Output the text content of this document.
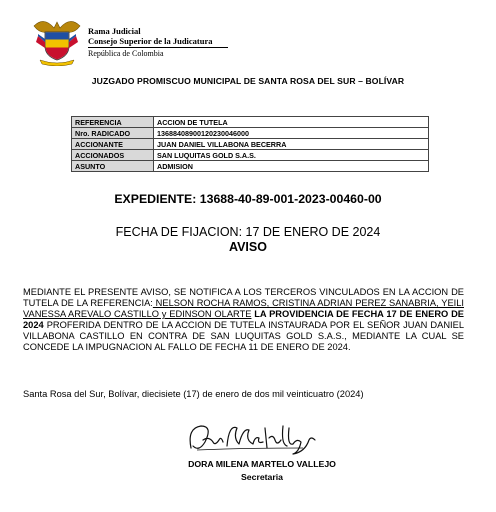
Rama Judicial
Consejo Superior de la Judicatura
República de Colombia
JUZGADO PROMISCUO MUNICIPAL DE SANTA ROSA DEL SUR – BOLÍVAR
REFERENCIA	ACCION DE TUTELA
Nro. RADICADO	13688408900120230046000
ACCIONANTE	JUAN DANIEL VILLABONA BECERRA
ACCIONADOS	SAN LUQUITAS GOLD S.A.S.
ASUNTO	ADMISION
EXPEDIENTE: 13688-40-89-001-2023-00460-00
FECHA DE FIJACION: 17 DE ENERO DE 2024
AVISO
MEDIANTE EL PRESENTE AVISO, SE NOTIFICA A LOS TERCEROS VINCULADOS EN LA ACCION DE TUTELA DE LA REFERENCIA: NELSON ROCHA RAMOS, CRISTINA ADRIAN PEREZ SANABRIA, YEILI VANESSA AREVALO CASTILLO y EDINSON OLARTE LA PROVIDENCIA DE FECHA 17 DE ENERO DE 2024 PROFERIDA DENTRO DE LA ACCION DE TUTELA INSTAURADA POR EL SEÑOR JUAN DANIEL VILLABONA CASTILLO EN CONTRA DE SAN LUQUITAS GOLD S.A.S., MEDIANTE LA CUAL SE CONCEDE LA IMPUGNACION AL FALLO DE FECHA 11 DE ENERO DE 2024.
Santa Rosa del Sur, Bolívar, diecisiete (17) de enero de dos mil veinticuatro (2024)
DORA MILENA MARTELO VALLEJO
Secretaria
